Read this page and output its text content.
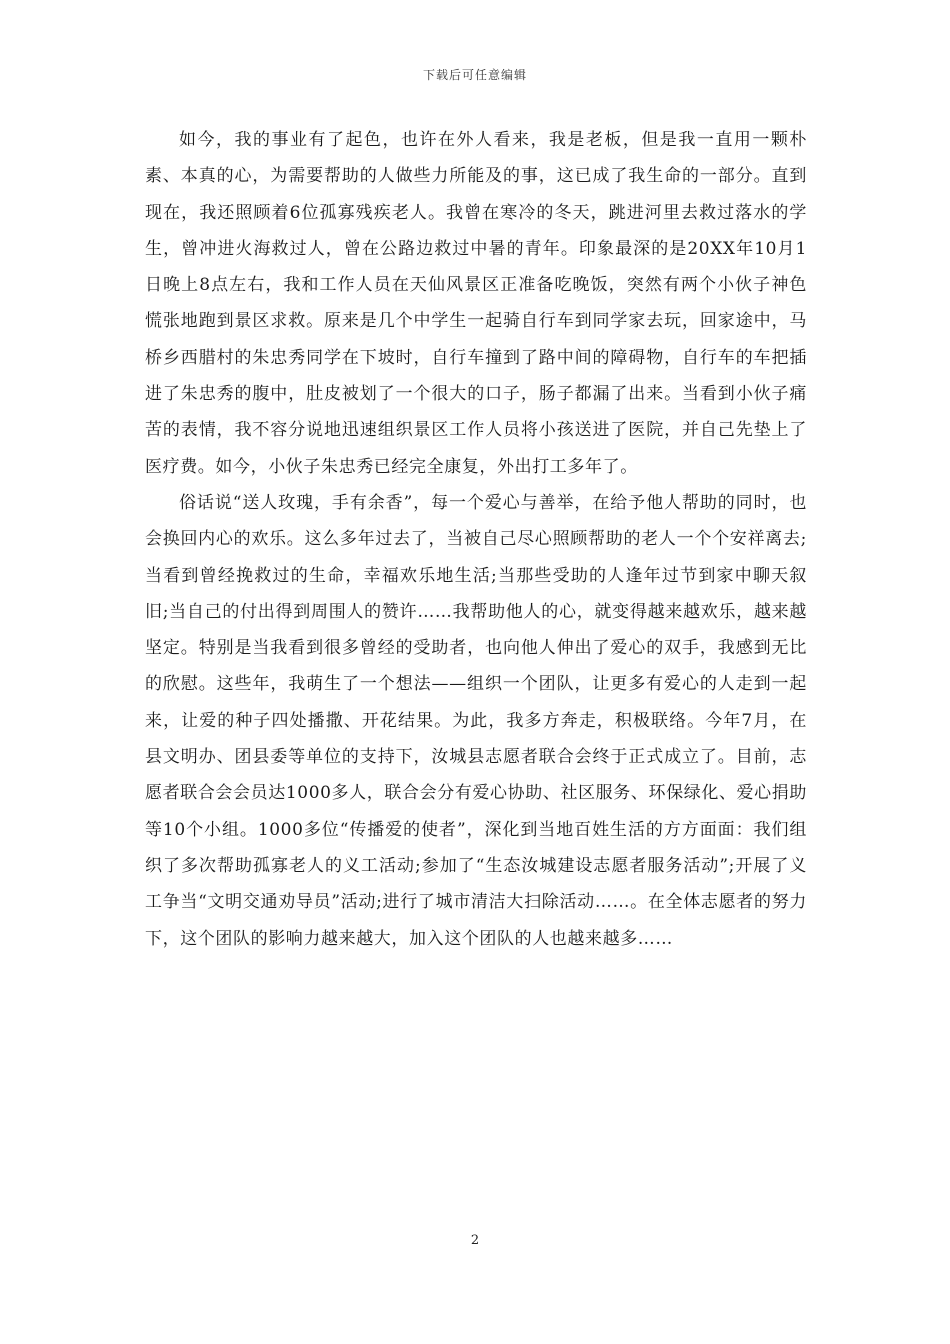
下载后可任意编辑

如今，我的事业有了起色，也许在外人看来，我是老板，但是我一直用一颗朴素、本真的心，为需要帮助的人做些力所能及的事，这已成了我生命的一部分。直到现在，我还照顾着6位孤寡残疾老人。我曾在寒冷的冬天，跳进河里去救过落水的学生，曾冲进火海救过人，曾在公路边救过中暑的青年。印象最深的是20XX年10月1日晚上8点左右，我和工作人员在天仙风景区正准备吃晚饭，突然有两个小伙子神色慌张地跑到景区求救。原来是几个中学生一起骑自行车到同学家去玩，回家途中，马桥乡西腊村的朱忠秀同学在下坡时，自行车撞到了路中间的障碍物，自行车的车把插进了朱忠秀的腹中，肚皮被划了一个很大的口子，肠子都漏了出来。当看到小伙子痛苦的表情，我不容分说地迅速组织景区工作人员将小孩送进了医院，并自己先垫上了医疗费。如今，小伙子朱忠秀已经完全康复，外出打工多年了。

俗话说“送人玫瑰，手有余香”，每一个爱心与善举，在给予他人帮助的同时，也会换回内心的欢乐。这么多年过去了，当被自己尽心照顾帮助的老人一个个安祥离去;当看到曾经挽救过的生命，幸福欢乐地生活;当那些受助的人逢年过节到家中聊天叙旧;当自己的付出得到周围人的赞许……我帮助他人的心，就变得越来越欢乐，越来越坚定。特别是当我看到很多曾经的受助者，也向他人伸出了爱心的双手，我感到无比的欣慰。这些年，我萌生了一个想法——组织一个团队，让更多有爱心的人走到一起来，让爱的种子四处播撒、开花结果。为此，我多方奔走，积极联络。今年7月，在县文明办、团县委等单位的支持下，汝城县志愿者联合会终于正式成立了。目前，志愿者联合会会员达1000多人，联合会分有爱心协助、社区服务、环保绿化、爱心捐助等10个小组。1000多位“传播爱的使者”，深化到当地百姓生活的方方面面：我们组织了多次帮助孤寡老人的义工活动;参加了“生态汝城建设志愿者服务活动”;开展了义工争当“文明交通劝导员”活动;进行了城市清洁大扫除活动……。在全体志愿者的努力下，这个团队的影响力越来越大，加入这个团队的人也越来越多……

2
